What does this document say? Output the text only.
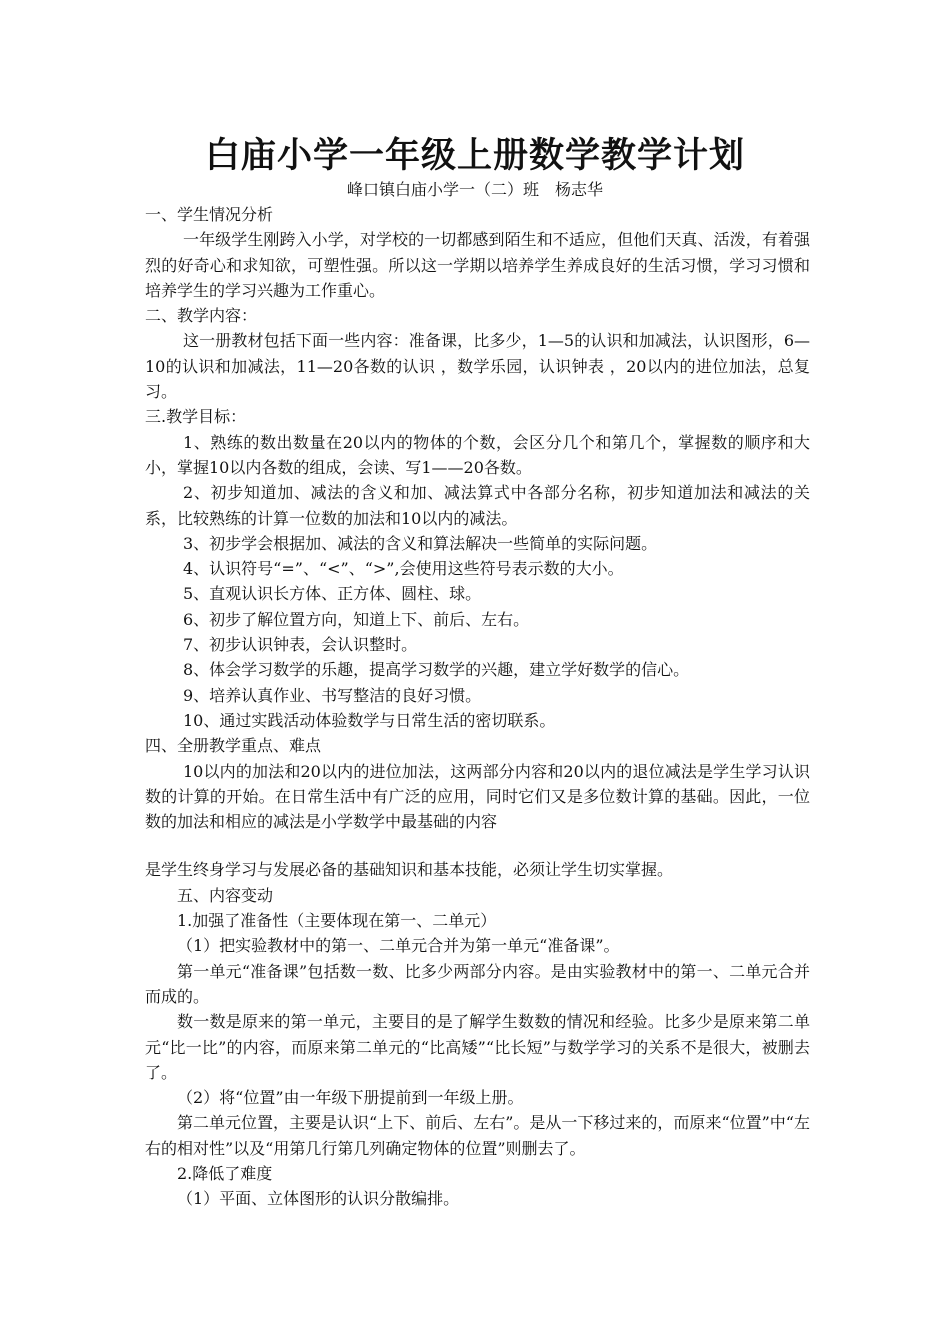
白庙小学一年级上册数学教学计划

峰口镇白庙小学一（二）班　杨志华

一、学生情况分析

一年级学生刚跨入小学，对学校的一切都感到陌生和不适应，但他们天真、活泼，有着强烈的好奇心和求知欲，可塑性强。所以这一学期以培养学生养成良好的生活习惯，学习习惯和培养学生的学习兴趣为工作重心。

二、教学内容：

这一册教材包括下面一些内容：准备课，比多少，1—5的认识和加减法，认识图形，6—10的认识和加减法，11—20各数的认识 ，数学乐园，认识钟表 ，20以内的进位加法，总复习。

三.教学目标：

1、熟练的数出数量在20以内的物体的个数，会区分几个和第几个，掌握数的顺序和大小，掌握10以内各数的组成，会读、写1——20各数。

2、初步知道加、减法的含义和加、减法算式中各部分名称，初步知道加法和减法的关系，比较熟练的计算一位数的加法和10以内的减法。

3、初步学会根据加、减法的含义和算法解决一些简单的实际问题。

4、认识符号“=”、“<”、“>”,会使用这些符号表示数的大小。

5、直观认识长方体、正方体、圆柱、球。

6、初步了解位置方向，知道上下、前后、左右。

7、初步认识钟表，会认识整时。

8、体会学习数学的乐趣，提高学习数学的兴趣，建立学好数学的信心。

9、培养认真作业、书写整洁的良好习惯。

10、通过实践活动体验数学与日常生活的密切联系。

四、全册教学重点、难点

10以内的加法和20以内的进位加法，这两部分内容和20以内的退位减法是学生学习认识数的计算的开始。在日常生活中有广泛的应用，同时它们又是多位数计算的基础。因此，一位数的加法和相应的减法是小学数学中最基础的内容

是学生终身学习与发展必备的基础知识和基本技能，必须让学生切实掌握。

五、内容变动

1.加强了准备性（主要体现在第一、二单元）

（1）把实验教材中的第一、二单元合并为第一单元“准备课”。

第一单元“准备课”包括数一数、比多少两部分内容。是由实验教材中的第一、二单元合并而成的。

数一数是原来的第一单元，主要目的是了解学生数数的情况和经验。比多少是原来第二单元“比一比”的内容，而原来第二单元的“比高矮”“比长短”与数学学习的关系不是很大，被删去了。

（2）将“位置”由一年级下册提前到一年级上册。

第二单元位置，主要是认识“上下、前后、左右”。是从一下移过来的，而原来“位置”中“左右的相对性”以及“用第几行第几列确定物体的位置”则删去了。

2.降低了难度

（1）平面、立体图形的认识分散编排。
